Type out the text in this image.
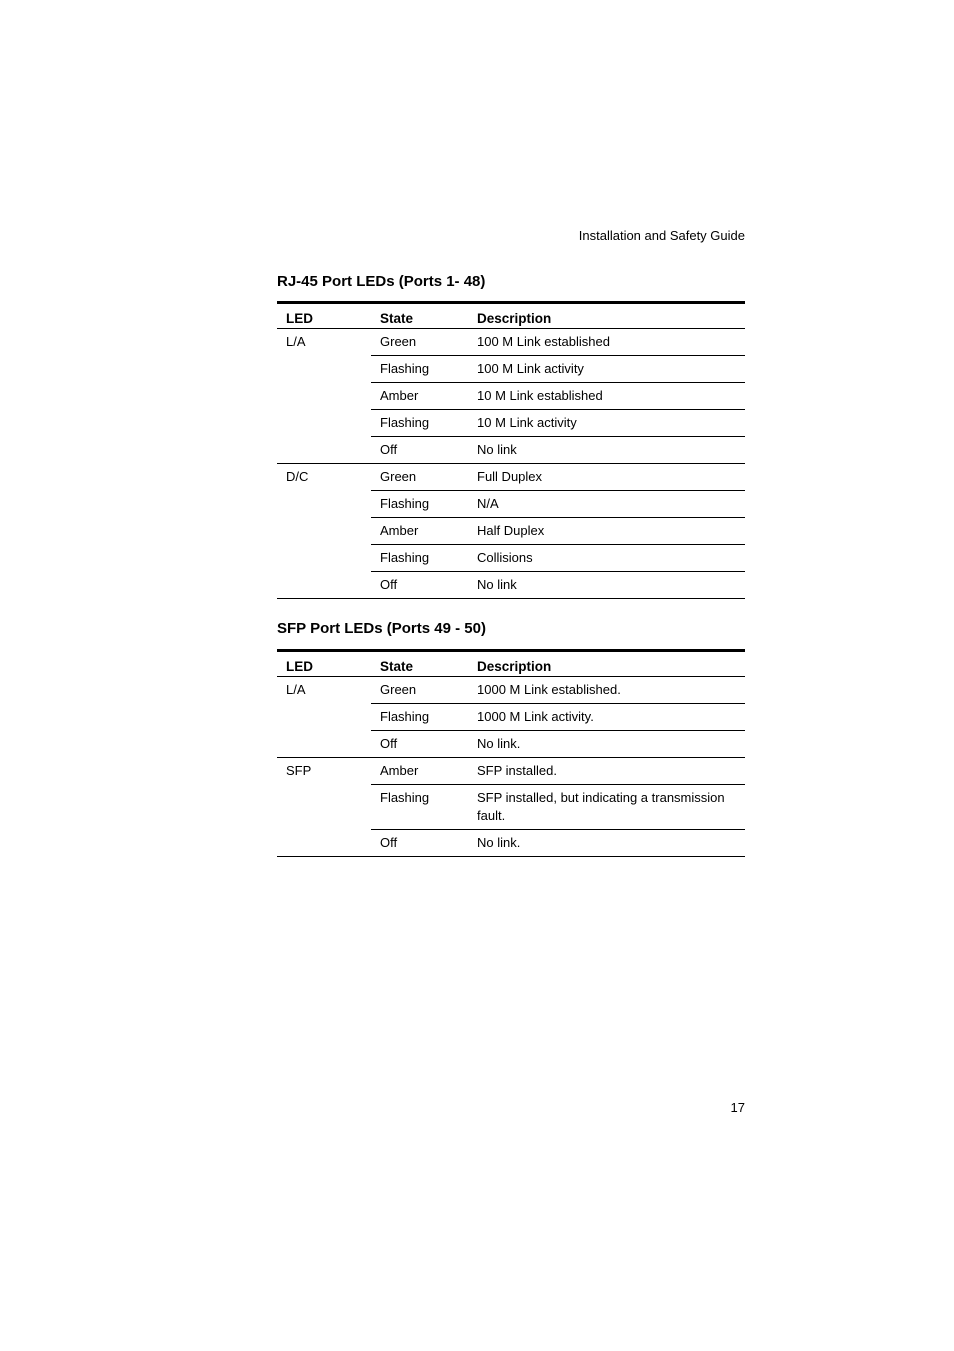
Installation and Safety Guide
RJ-45 Port LEDs (Ports 1- 48)
LED	State	Description
L/A	Green	100 M Link established
	Flashing	100 M Link activity
	Amber	10 M Link established
	Flashing	10 M Link activity
	Off	No link
D/C	Green	Full Duplex
	Flashing	N/A
	Amber	Half Duplex
	Flashing	Collisions
	Off	No link
SFP Port LEDs (Ports 49 - 50)
LED	State	Description
L/A	Green	1000 M Link established.
	Flashing	1000 M Link activity.
	Off	No link.
SFP	Amber	SFP installed.
	Flashing	SFP installed, but indicating a transmission fault.
	Off	No link.
17
